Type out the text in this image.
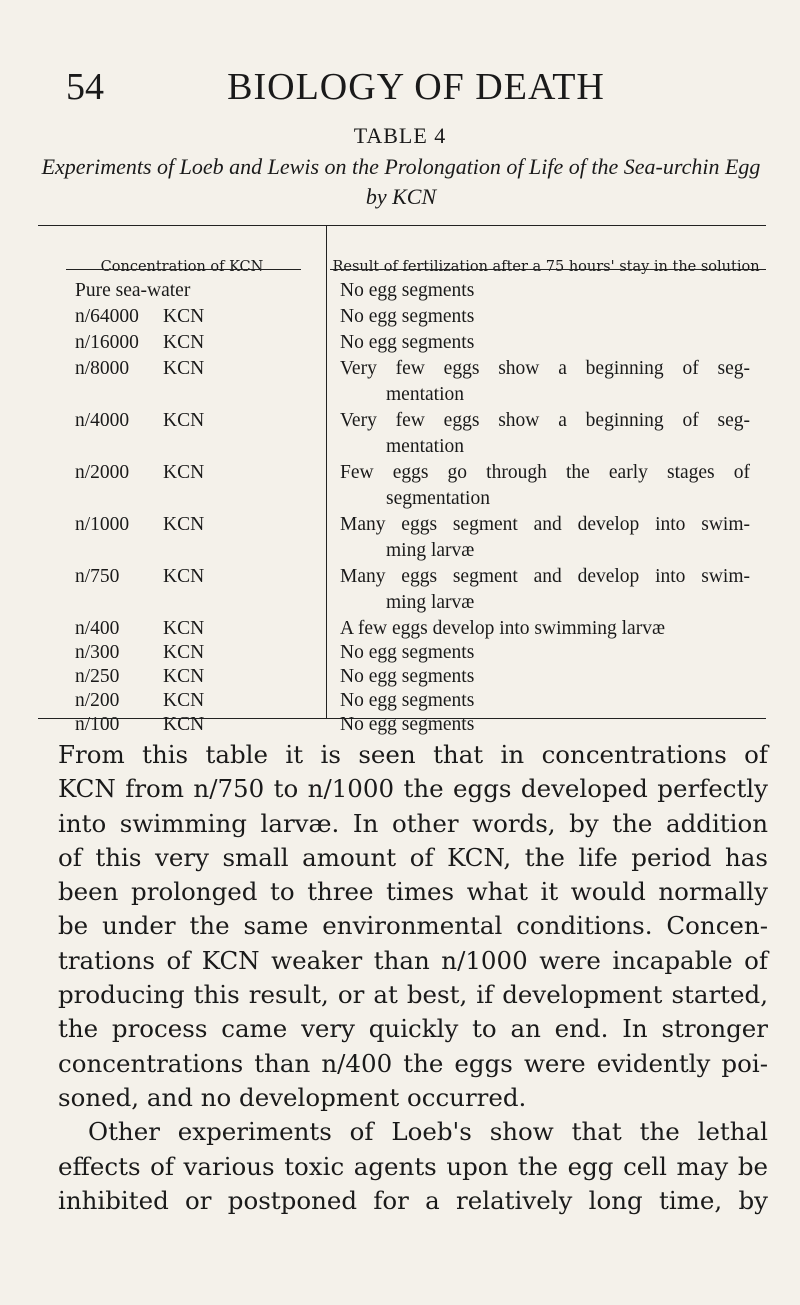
54	BIOLOGY OF DEATH
TABLE 4
Experiments of Loeb and Lewis on the Prolongation of Life of the Sea-urchin Egg by KCN
Concentration of KCN	Result of fertilization after a 75 hours' stay in the solution
Pure sea-water	No egg segments
n/64000 KCN	No egg segments
n/16000 KCN	No egg segments
n/8000 KCN	Very few eggs show a beginning of seg-
mentation
n/4000 KCN	Very few eggs show a beginning of seg-
mentation
n/2000 KCN	Few eggs go through the early stages of
segmentation
n/1000 KCN	Many eggs segment and develop into swim-
ming larvæ
n/750 KCN	Many eggs segment and develop into swim-
ming larvæ
n/400 KCN	A few eggs develop into swimming larvæ
n/300 KCN	No egg segments
n/250 KCN	No egg segments
n/200 KCN	No egg segments
n/100 KCN	No egg segments
From this table it is seen that in concentrations of
KCN from n/750 to n/1000 the eggs developed perfectly
into swimming larvæ. In other words, by the addition
of this very small amount of KCN, the life period has
been prolonged to three times what it would normally
be under the same environmental conditions. Concen-
trations of KCN weaker than n/1000 were incapable of
producing this result, or at best, if development started,
the process came very quickly to an end. In stronger
concentrations than n/400 the eggs were evidently poi-
soned, and no development occurred.
Other experiments of Loeb's show that the lethal
effects of various toxic agents upon the egg cell may be
inhibited or postponed for a relatively long time, by
